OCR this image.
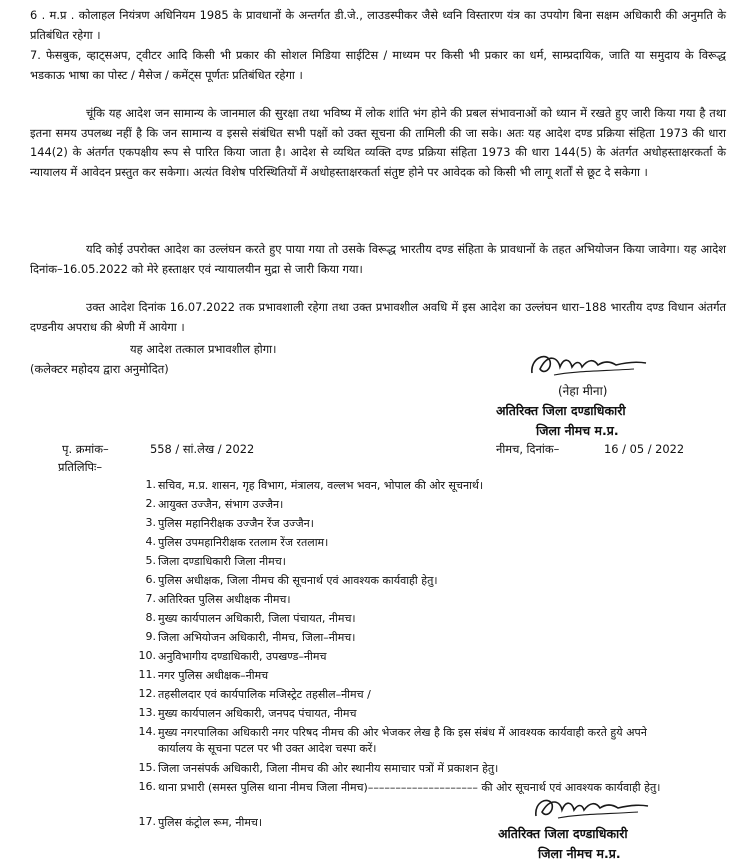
6 . म.प्र . कोलाहल नियंत्रण अधिनियम 1985 के प्रावधानों के अन्तर्गत डी.जे., लाउडस्पीकर जैसे ध्वनि विस्तारण यंत्र का उपयोग बिना सक्षम अधिकारी की अनुमति के प्रतिबंधित रहेगा ।

7. फेसबुक, व्हाट्सअप, ट्वीटर आदि किसी भी प्रकार की सोशल मिडिया साईटिस / माध्यम पर किसी भी प्रकार का धर्म, साम्प्रदायिक, जाति या समुदाय के विरूद्ध भडकाऊ भाषा का पोस्ट / मैसेज / कमेंट्स पूर्णतः प्रतिबंधित रहेगा ।

चूंकि यह आदेश जन सामान्य के जानमाल की सुरक्षा तथा भविष्य में लोक शांति भंग होने की प्रबल संभावनाओं को ध्यान में रखते हुए जारी किया गया है तथा इतना समय उपलब्ध नहीं है कि जन सामान्य व इससे संबंधित सभी पक्षों को उक्त सूचना की तामिली की जा सके। अतः यह आदेश दण्ड प्रक्रिया संहिता 1973 की धारा 144(2) के अंतर्गत एकपक्षीय रूप से पारित किया जाता है। आदेश से व्यथित व्यक्ति दण्ड प्रक्रिया संहिता 1973 की धारा 144(5) के अंतर्गत अधोहस्ताक्षरकर्ता के न्यायालय में आवेदन प्रस्तुत कर सकेगा। अत्यंत विशेष परिस्थितियों में अधोहस्ताक्षरकर्ता संतुष्ट होने पर आवेदक को किसी भी लागू शर्तों से छूट दे सकेगा ।

यदि कोई उपरोक्त आदेश का उल्लंघन करते हुए पाया गया तो उसके विरूद्ध भारतीय दण्ड संहिता के प्रावधानों के तहत अभियोजन किया जावेगा। यह आदेश दिनांक–16.05.2022 को मेरे हस्ताक्षर एवं न्यायालयीन मुद्रा से जारी किया गया।

उक्त आदेश दिनांक 16.07.2022 तक प्रभावशाली रहेगा तथा उक्त प्रभावशील अवधि में इस आदेश का उल्लंघन धारा–188 भारतीय दण्ड विधान अंतर्गत दण्डनीय अपराध की श्रेणी में आयेगा ।

यह आदेश तत्काल प्रभावशील होगा।
(कलेक्टर महोदय द्वारा अनुमोदित)
(नेहा मीना)
अतिरिक्त जिला दण्डाधिकारी
जिला नीमच म.प्र.
पृ. क्रमांक–	558 / सां.लेख / 2022	नीमच, दिनांक–	16 / 05 / 2022
प्रतिलिपिः–
1. सचिव, म.प्र. शासन, गृह विभाग, मंत्रालय, वल्लभ भवन, भोपाल की ओर सूचनार्थ।
2. आयुक्त उज्जैन, संभाग उज्जैन।
3. पुलिस महानिरीक्षक उज्जैन रेंज उज्जैन।
4. पुलिस उपमहानिरीक्षक रतलाम रेंज रतलाम।
5. जिला दण्डाधिकारी जिला नीमच।
6. पुलिस अधीक्षक, जिला नीमच की सूचनार्थ एवं आवश्यक कार्यवाही हेतु।
7. अतिरिक्त पुलिस अधीक्षक नीमच।
8. मुख्य कार्यपालन अधिकारी, जिला पंचायत, नीमच।
9. जिला अभियोजन अधिकारी, नीमच, जिला–नीमच।
10. अनुविभागीय दण्डाधिकारी, उपखण्ड–नीमच
11. नगर पुलिस अधीक्षक–नीमच
12. तहसीलदार एवं कार्यपालिक मजिस्ट्रेट तहसील–नीमच /
13. मुख्य कार्यपालन अधिकारी, जनपद पंचायत, नीमच
14. मुख्य नगरपालिका अधिकारी नगर परिषद नीमच की ओर भेजकर लेख है कि इस संबंध में आवश्यक कार्यवाही करते हुये अपने कार्यालय के सूचना पटल पर भी उक्त आदेश चस्पा करें।
15. जिला जनसंपर्क अधिकारी, जिला नीमच की ओर स्थानीय समाचार पत्रों में प्रकाशन हेतु।
16. थाना प्रभारी (समस्त पुलिस थाना नीमच जिला नीमच)–––––––––––––––––––– की ओर सूचनार्थ एवं आवश्यक कार्यवाही हेतु।
17. पुलिस कंट्रोल रूम, नीमच।
अतिरिक्त जिला दण्डाधिकारी
जिला नीमच म.प्र.
